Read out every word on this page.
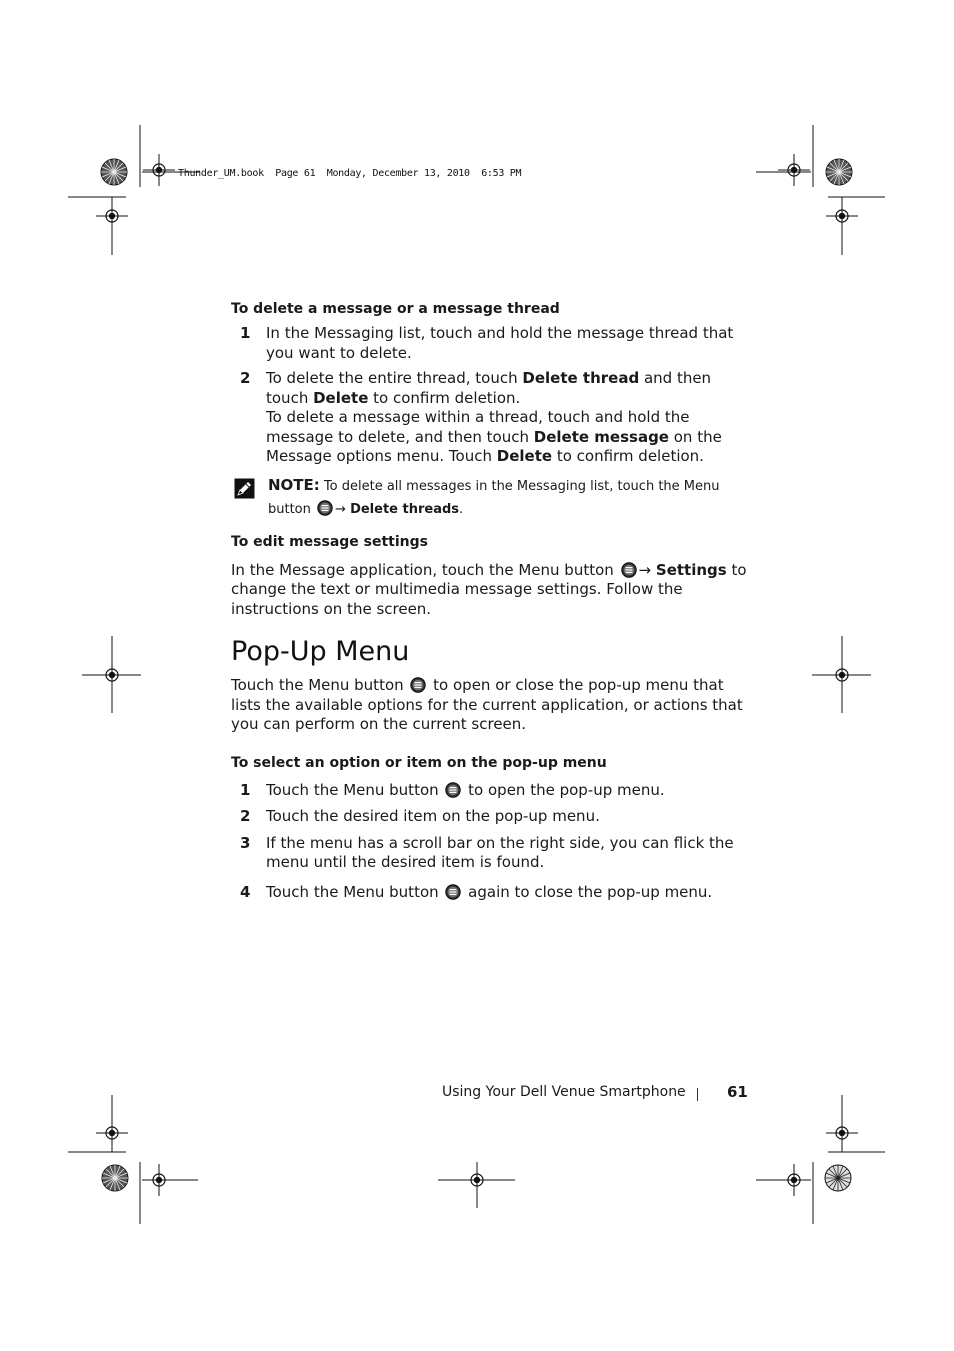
Thunder_UM.book  Page 61  Monday, December 13, 2010  6:53 PM
To delete a message or a message thread
1 In the Messaging list, touch and hold the message thread that you want to delete.
2 To delete the entire thread, touch Delete thread and then touch Delete to confirm deletion.
To delete a message within a thread, touch and hold the message to delete, and then touch Delete message on the Message options menu. Touch Delete to confirm deletion.
NOTE: To delete all messages in the Messaging list, touch the Menu button → Delete threads.
To edit message settings

In the Message application, touch the Menu button → Settings to change the text or multimedia message settings. Follow the instructions on the screen.

Pop-Up Menu

Touch the Menu button  to open or close the pop-up menu that lists the available options for the current application, or actions that you can perform on the current screen.

To select an option or item on the pop-up menu
1 Touch the Menu button  to open the pop-up menu.
2 Touch the desired item on the pop-up menu.
3 If the menu has a scroll bar on the right side, you can flick the menu until the desired item is found.
4 Touch the Menu button  again to close the pop-up menu.
Using Your Dell Venue Smartphone	61
